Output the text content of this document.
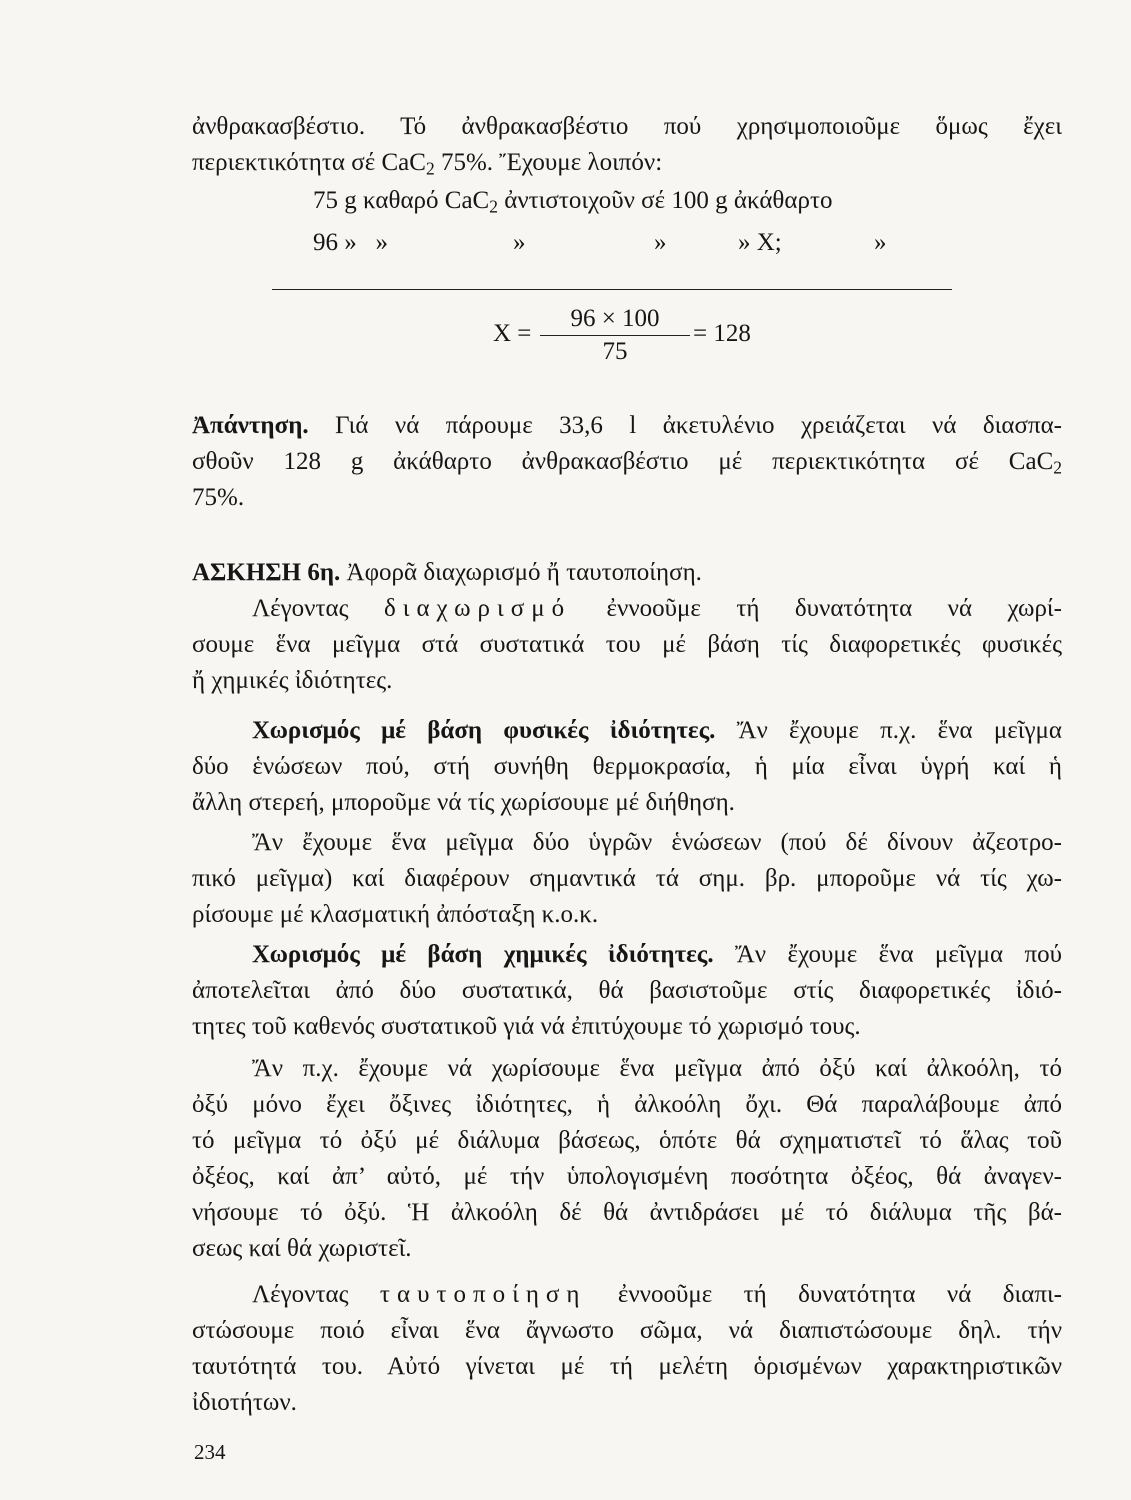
ἀνθρακασβέστιο. Τό ἀνθρακασβέστιο πού χρησιμοποιοῦμε ὅμως ἔχει
περιεκτικότητα σέ CaC$_2$ 75%. Ἔχουμε λοιπόν:
75 g καθαρό CaC$_2$ ἀντιστοιχοῦν σέ 100 g ἀκάθαρτο
96 »   »	»	»	» X;	»
X =
96 × 100
75
= 128
Ἀπάντηση. Γιά νά πάρουμε 33,6 l ἀκετυλένιο χρειάζεται νά διασπα-
σθοῦν 128 g ἀκάθαρτο ἀνθρακασβέστιο μέ περιεκτικότητα σέ CaC$_2$
75%.
ΑΣΚΗΣΗ 6η. Ἀφορᾶ διαχωρισμό ἤ ταυτοποίηση.
Λέγοντας διαχωρισμό ἐννοοῦμε τή δυνατότητα νά χωρί-
σουμε ἕνα μεῖγμα στά συστατικά του μέ βάση τίς διαφορετικές φυσικές
ἤ χημικές ἰδιότητες.
Χωρισμός μέ βάση φυσικές ἰδιότητες. Ἄν ἔχουμε π.χ. ἕνα μεῖγμα
δύο ἑνώσεων πού, στή συνήθη θερμοκρασία, ἡ μία εἶναι ὑγρή καί ἡ
ἄλλη στερεή, μποροῦμε νά τίς χωρίσουμε μέ διήθηση.
Ἄν ἔχουμε ἕνα μεῖγμα δύο ὑγρῶν ἑνώσεων (πού δέ δίνουν ἀζεοτρο-
πικό μεῖγμα) καί διαφέρουν σημαντικά τά σημ. βρ. μποροῦμε νά τίς χω-
ρίσουμε μέ κλασματική ἀπόσταξη κ.ο.κ.
Χωρισμός μέ βάση χημικές ἰδιότητες. Ἄν ἔχουμε ἕνα μεῖγμα πού
ἀποτελεῖται ἀπό δύο συστατικά, θά βασιστοῦμε στίς διαφορετικές ἰδιό-
τητες τοῦ καθενός συστατικοῦ γιά νά ἐπιτύχουμε τό χωρισμό τους.
Ἄν π.χ. ἔχουμε νά χωρίσουμε ἕνα μεῖγμα ἀπό ὀξύ καί ἀλκοόλη, τό
ὀξύ μόνο ἔχει ὄξινες ἰδιότητες, ἡ ἀλκοόλη ὄχι. Θά παραλάβουμε ἀπό
τό μεῖγμα τό ὀξύ μέ διάλυμα βάσεως, ὁπότε θά σχηματιστεῖ τό ἅλας τοῦ
ὀξέος, καί ἀπ’ αὐτό, μέ τήν ὑπολογισμένη ποσότητα ὀξέος, θά ἀναγεν-
νήσουμε τό ὀξύ. Ἡ ἀλκοόλη δέ θά ἀντιδράσει μέ τό διάλυμα τῆς βά-
σεως καί θά χωριστεῖ.
Λέγοντας ταυτοποίηση ἐννοοῦμε τή δυνατότητα νά διαπι-
στώσουμε ποιό εἶναι ἕνα ἄγνωστο σῶμα, νά διαπιστώσουμε δηλ. τήν
ταυτότητά του. Αὐτό γίνεται μέ τή μελέτη ὁρισμένων χαρακτηριστικῶν
ἰδιοτήτων.
234
